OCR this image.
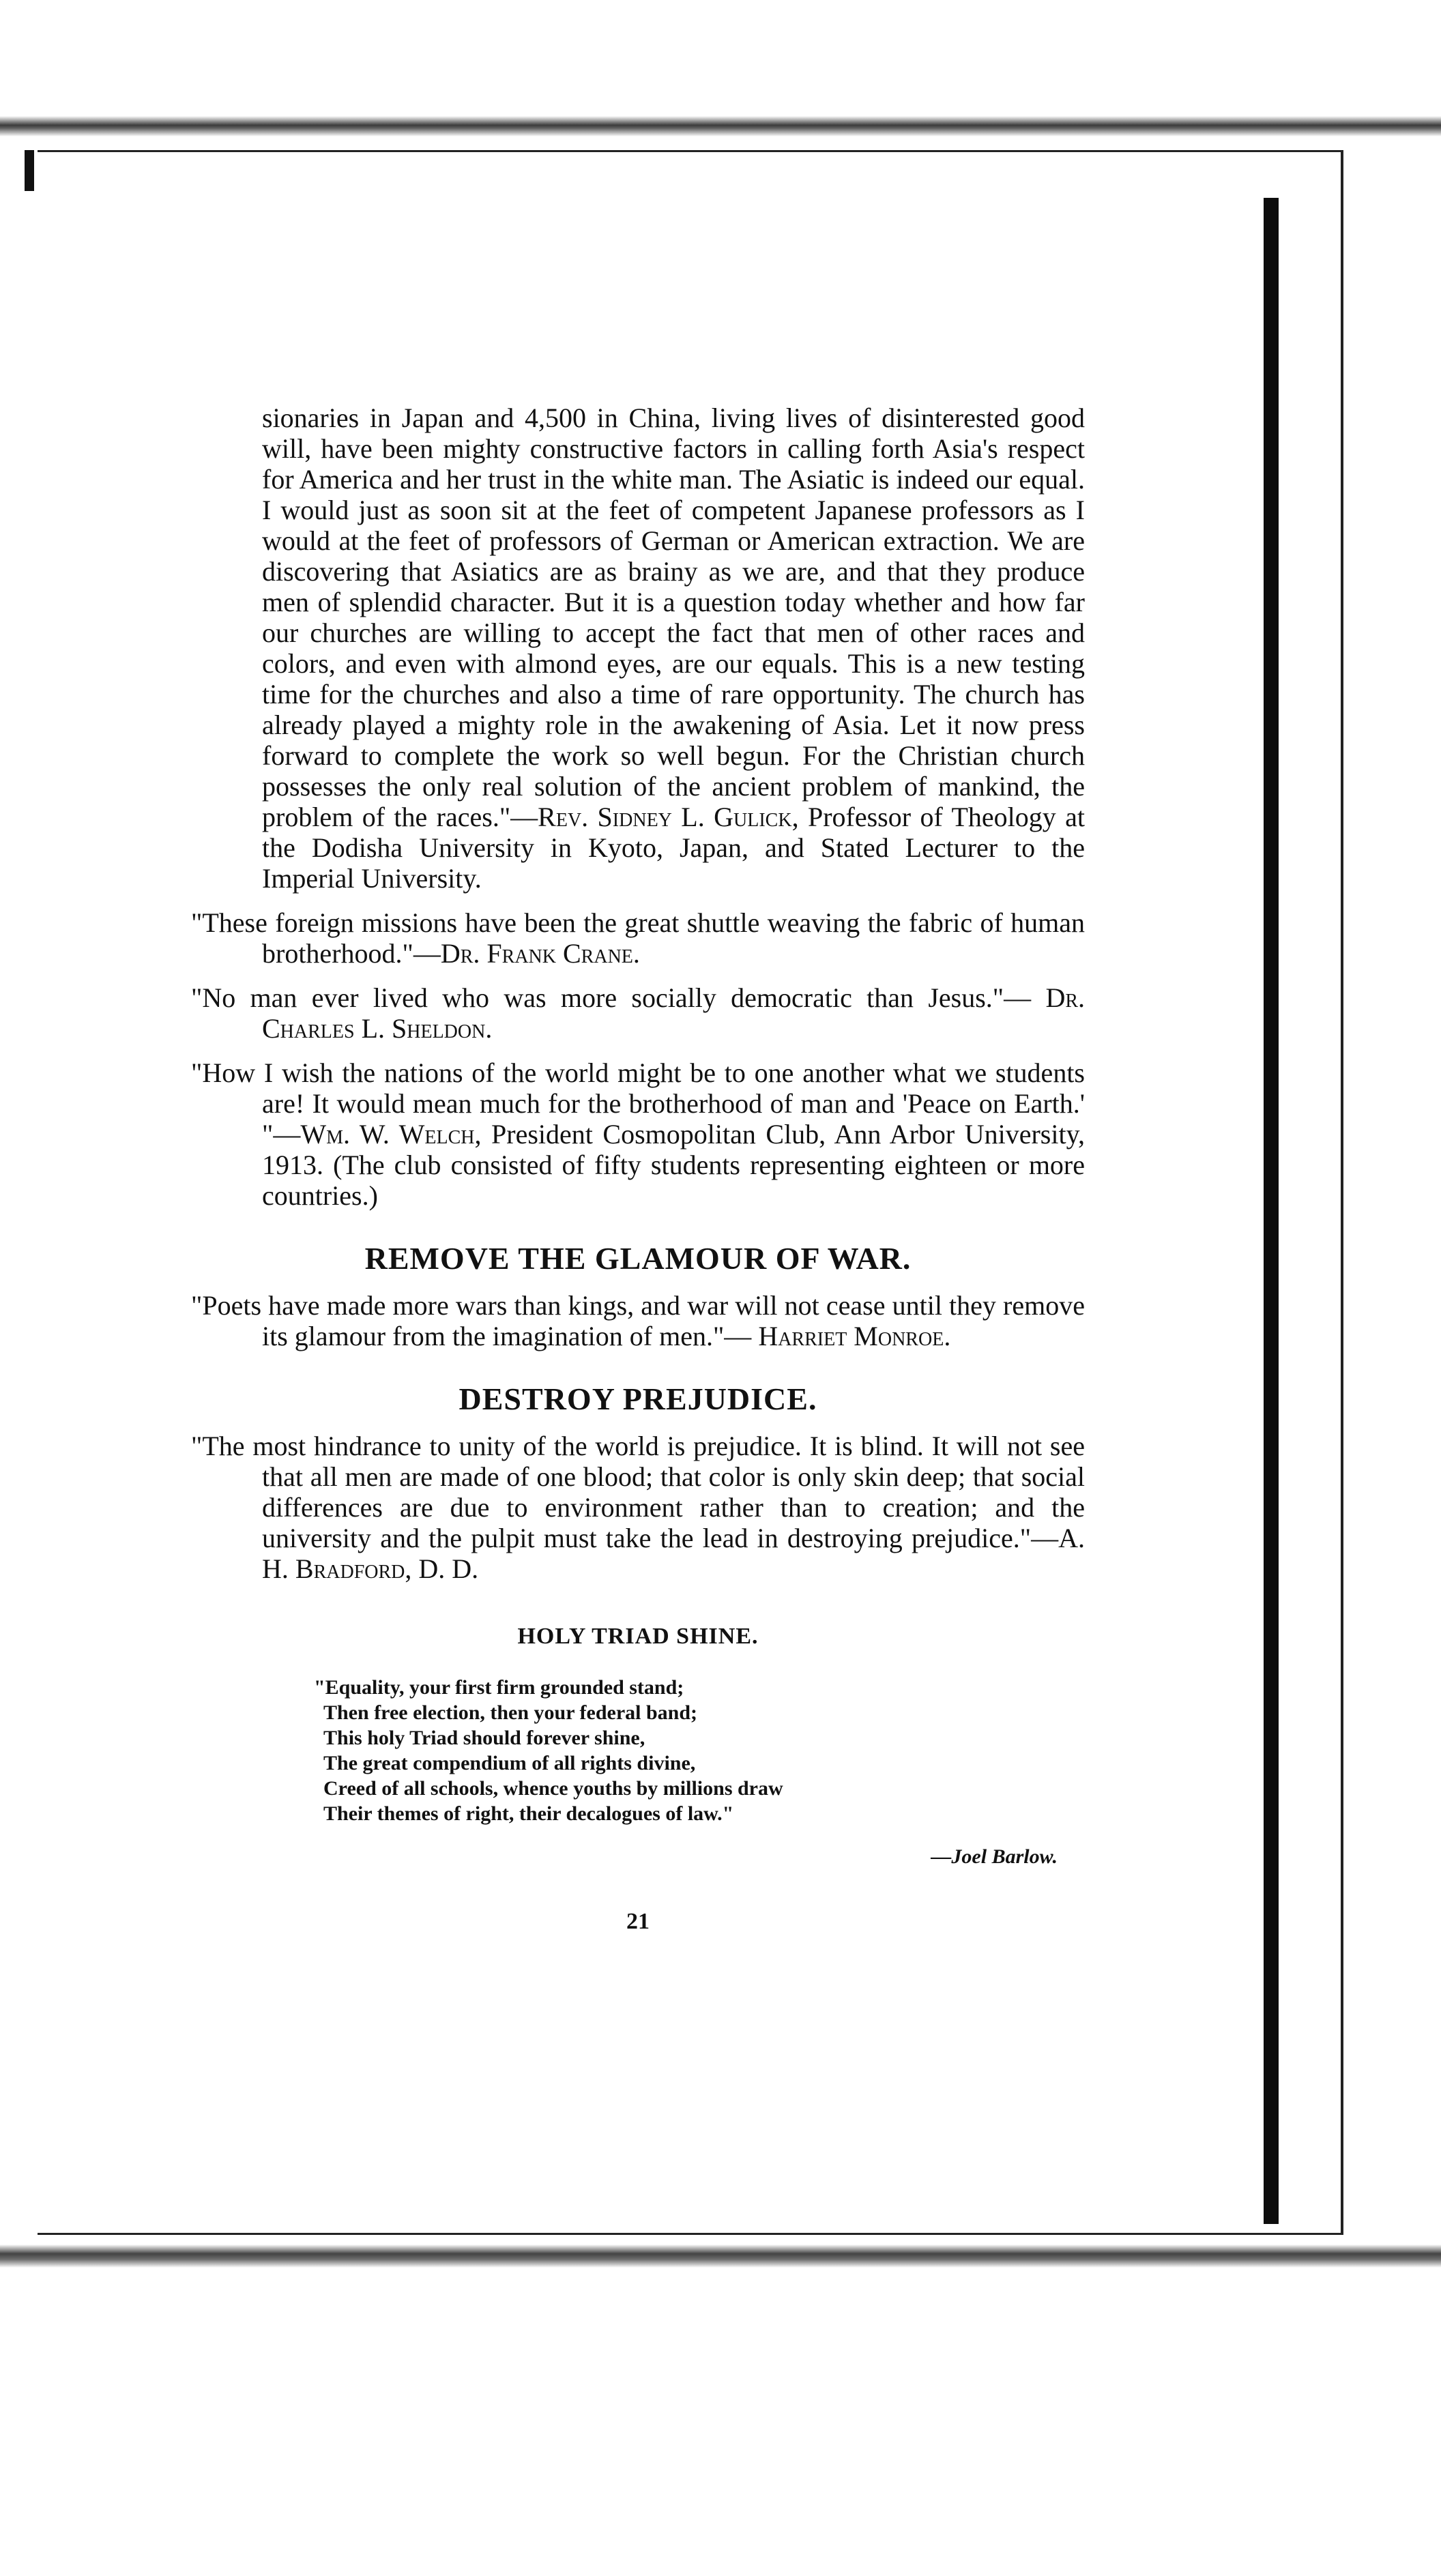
sionaries in Japan and 4,500 in China, living lives of disinterested good will, have been mighty constructive factors in calling forth Asia's respect for America and her trust in the white man. The Asiatic is indeed our equal. I would just as soon sit at the feet of competent Japanese professors as I would at the feet of professors of German or American extraction. We are discovering that Asiatics are as brainy as we are, and that they produce men of splendid character. But it is a question today whether and how far our churches are willing to accept the fact that men of other races and colors, and even with almond eyes, are our equals. This is a new testing time for the churches and also a time of rare opportunity. The church has already played a mighty role in the awakening of Asia. Let it now press forward to complete the work so well begun. For the Christian church possesses the only real solution of the ancient problem of mankind, the problem of the races."—Rev. Sidney L. Gulick, Professor of Theology at the Dodisha University in Kyoto, Japan, and Stated Lecturer to the Imperial University.

"These foreign missions have been the great shuttle weaving the fabric of human brotherhood."—Dr. Frank Crane.

"No man ever lived who was more socially democratic than Jesus."— Dr. Charles L. Sheldon.

"How I wish the nations of the world might be to one another what we students are! It would mean much for the brotherhood of man and 'Peace on Earth.' "—Wm. W. Welch, President Cosmopolitan Club, Ann Arbor University, 1913. (The club consisted of fifty students representing eighteen or more countries.)

REMOVE THE GLAMOUR OF WAR.

"Poets have made more wars than kings, and war will not cease until they remove its glamour from the imagination of men."— Harriet Monroe.

DESTROY PREJUDICE.

"The most hindrance to unity of the world is prejudice. It is blind. It will not see that all men are made of one blood; that color is only skin deep; that social differences are due to environment rather than to creation; and the university and the pulpit must take the lead in destroying prejudice."—A. H. Bradford, D. D.

HOLY TRIAD SHINE.
"Equality, your first firm grounded stand;
Then free election, then your federal band;
This holy Triad should forever shine,
The great compendium of all rights divine,
Creed of all schools, whence youths by millions draw
Their themes of right, their decalogues of law."
—Joel Barlow.
21
